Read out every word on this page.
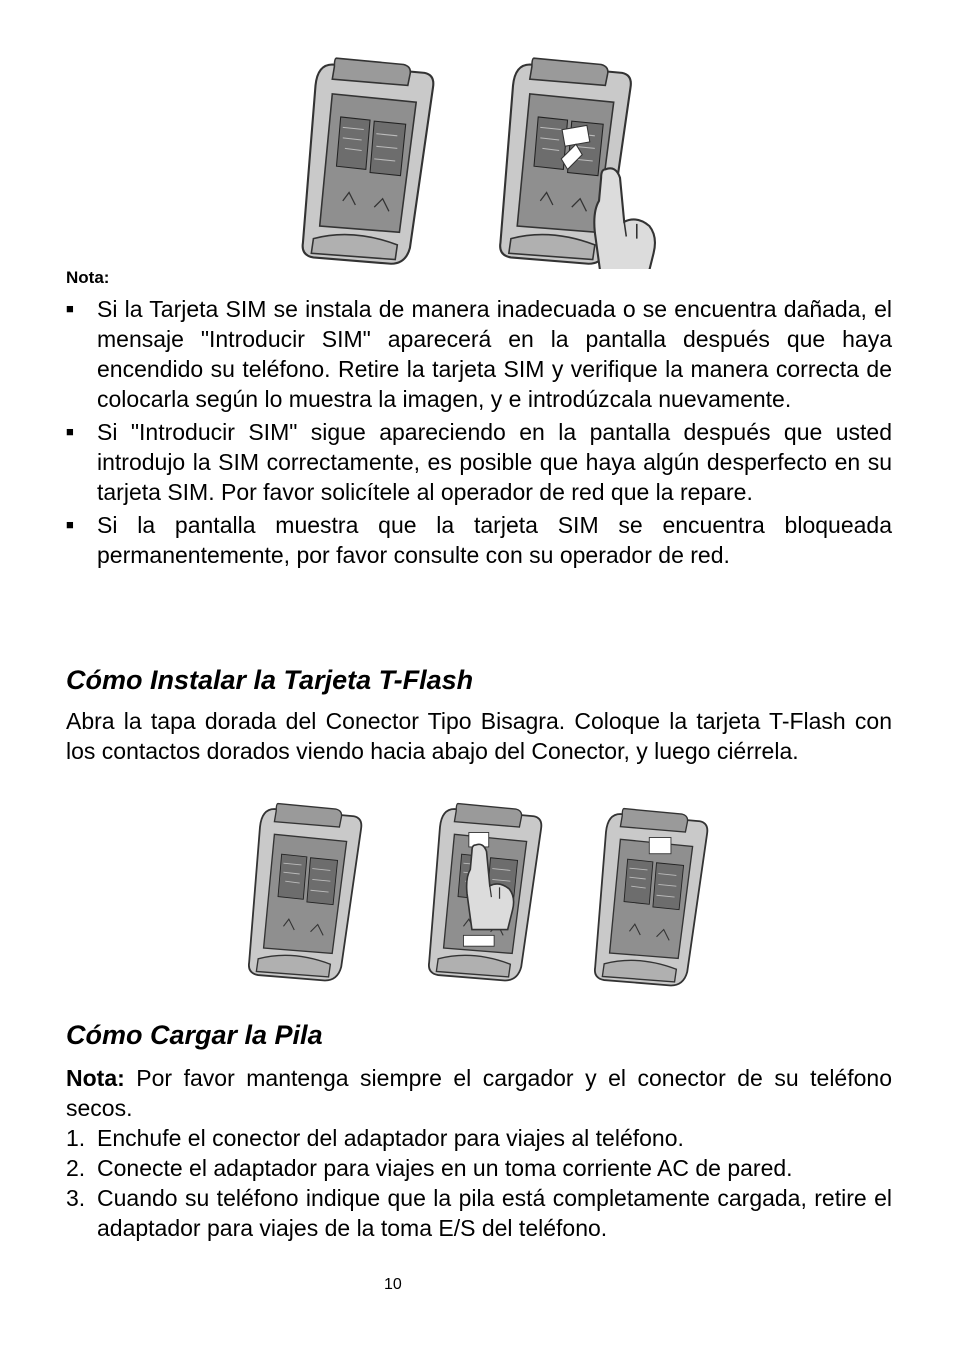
Nota:
■ Si la Tarjeta SIM se instala de manera inadecuada o se encuentra dañada, el mensaje "Introducir SIM" aparecerá en la pantalla después que haya encendido su teléfono. Retire la tarjeta SIM y verifique la manera correcta de colocarla según lo muestra la imagen, y e introdúzcala nuevamente.
■ Si "Introducir SIM" sigue apareciendo en la pantalla después que usted introdujo la SIM correctamente, es posible que haya algún desperfecto en su tarjeta SIM. Por favor solicítele al operador de red que la repare.
■ Si la pantalla muestra que la tarjeta SIM se encuentra bloqueada permanentemente, por favor consulte con su operador de red.
Cómo Instalar la Tarjeta T-Flash

Abra la tapa dorada del Conector Tipo Bisagra. Coloque la tarjeta T-Flash con los contactos dorados viendo hacia abajo del Conector, y luego ciérrela.

Cómo Cargar la Pila

Nota: Por favor mantenga siempre el cargador y el conector de su teléfono secos.

1. Enchufe el conector del adaptador para viajes al teléfono.
2. Conecte el adaptador para viajes en un toma corriente AC de pared.
3. Cuando su teléfono indique que la pila está completamente cargada, retire el adaptador para viajes de la toma E/S del teléfono.
10
